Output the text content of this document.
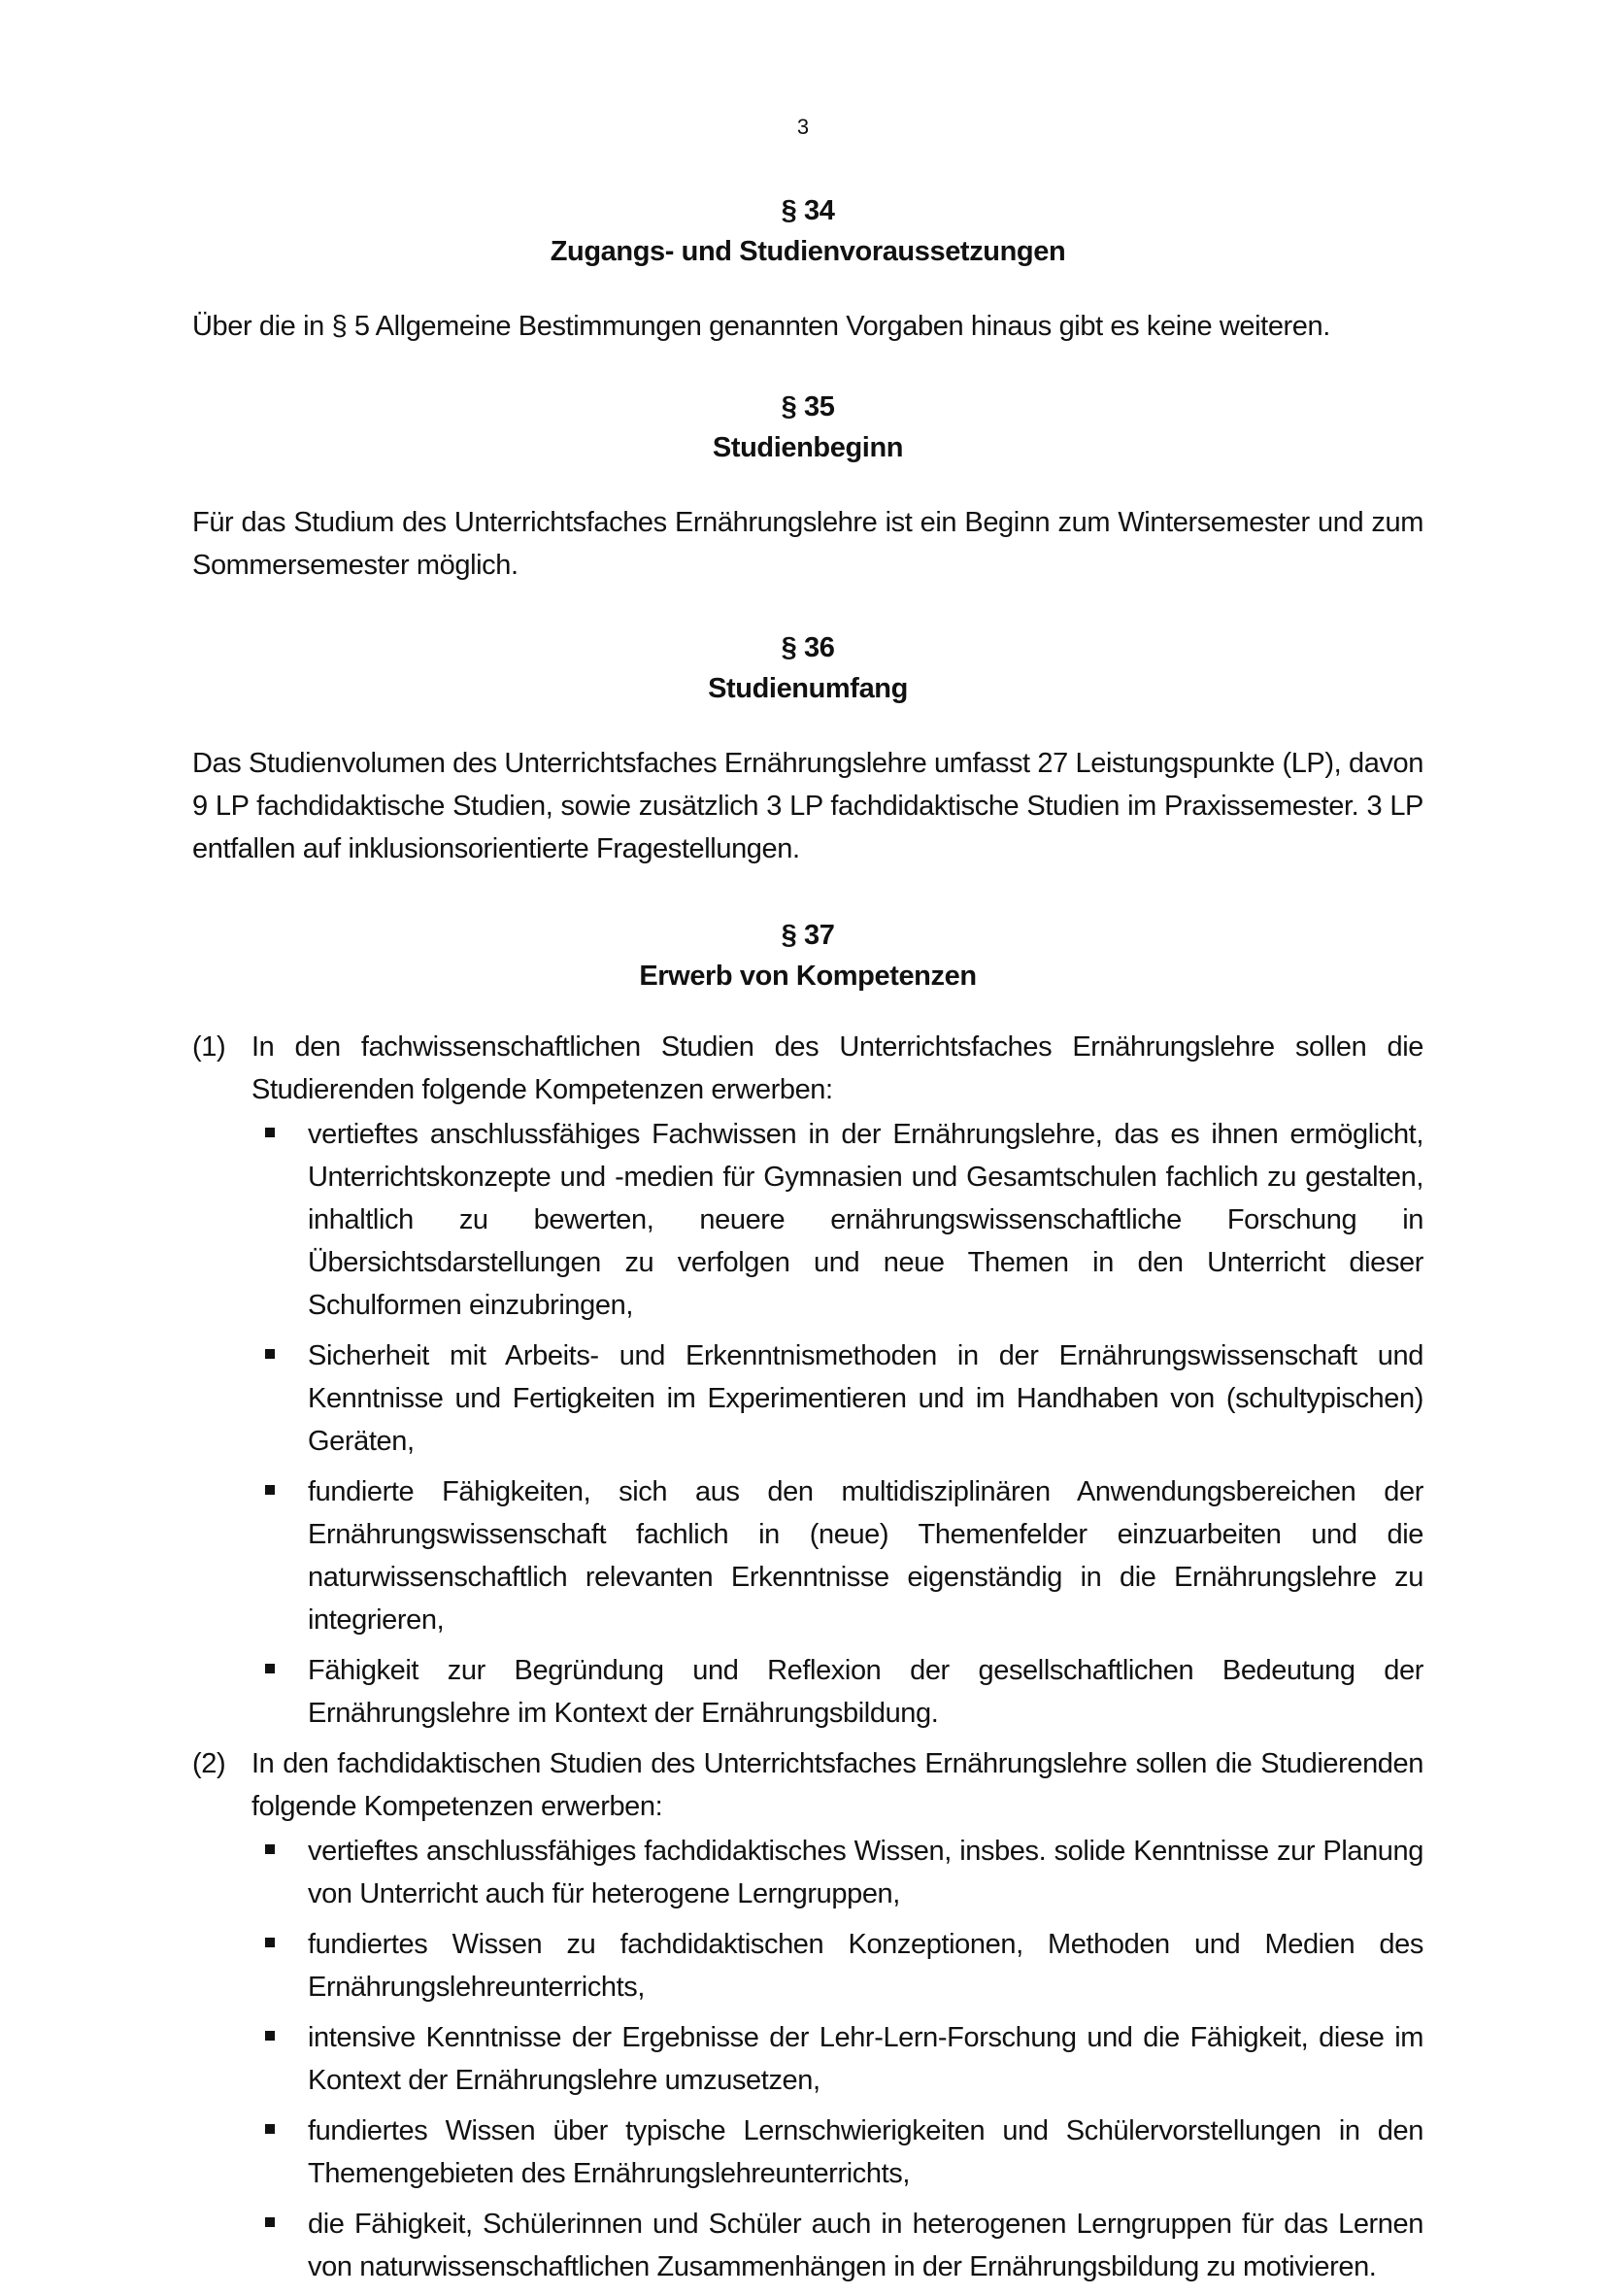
3

§ 34

Zugangs- und Studienvoraussetzungen

Über die in § 5 Allgemeine Bestimmungen genannten Vorgaben hinaus gibt es keine weiteren.

§ 35

Studienbeginn

Für das Studium des Unterrichtsfaches Ernährungslehre ist ein Beginn zum Wintersemester und zum Sommersemester möglich.

§ 36

Studienumfang

Das Studienvolumen des Unterrichtsfaches Ernährungslehre umfasst 27 Leistungspunkte (LP), davon 9 LP fachdidaktische Studien, sowie zusätzlich 3 LP fachdidaktische Studien im Praxissemester. 3 LP entfallen auf inklusionsorientierte Fragestellungen.

§ 37

Erwerb von Kompetenzen

(1) In den fachwissenschaftlichen Studien des Unterrichtsfaches Ernährungslehre sollen die Studierenden folgende Kompetenzen erwerben:

vertieftes anschlussfähiges Fachwissen in der Ernährungslehre, das es ihnen ermöglicht, Unterrichtskonzepte und -medien für Gymnasien und Gesamtschulen fachlich zu gestalten, inhaltlich zu bewerten, neuere ernährungswissenschaftliche Forschung in Übersichtsdarstellungen zu verfolgen und neue Themen in den Unterricht dieser Schulformen einzubringen,
Sicherheit mit Arbeits- und Erkenntnismethoden in der Ernährungswissenschaft und Kenntnisse und Fertigkeiten im Experimentieren und im Handhaben von (schultypischen) Geräten,
fundierte Fähigkeiten, sich aus den multidisziplinären Anwendungsbereichen der Ernährungswissenschaft fachlich in (neue) Themenfelder einzuarbeiten und die naturwissenschaftlich relevanten Erkenntnisse eigenständig in die Ernährungslehre zu integrieren,
Fähigkeit zur Begründung und Reflexion der gesellschaftlichen Bedeutung der Ernährungslehre im Kontext der Ernährungsbildung.
(2) In den fachdidaktischen Studien des Unterrichtsfaches Ernährungslehre sollen die Studierenden folgende Kompetenzen erwerben:

vertieftes anschlussfähiges fachdidaktisches Wissen, insbes. solide Kenntnisse zur Planung von Unterricht auch für heterogene Lerngruppen,
fundiertes Wissen zu fachdidaktischen Konzeptionen, Methoden und Medien des Ernährungslehreunterrichts,
intensive Kenntnisse der Ergebnisse der Lehr-Lern-Forschung und die Fähigkeit, diese im Kontext der Ernährungslehre umzusetzen,
fundiertes Wissen über typische Lernschwierigkeiten und Schülervorstellungen in den Themengebieten des Ernährungslehreunterrichts,
die Fähigkeit, Schülerinnen und Schüler auch in heterogenen Lerngruppen für das Lernen von naturwissenschaftlichen Zusammenhängen in der Ernährungsbildung zu motivieren.
